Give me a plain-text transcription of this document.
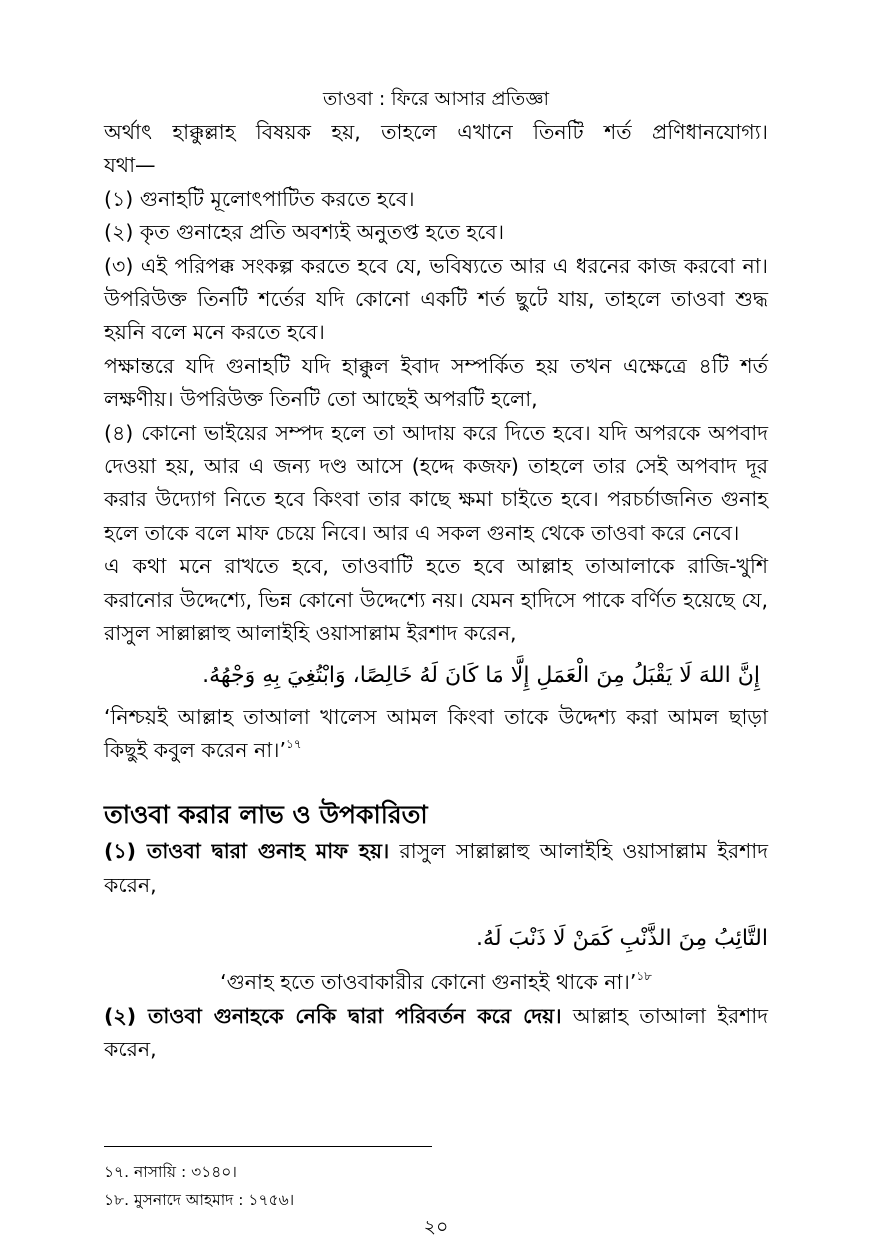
তাওবা : ফিরে আসার প্রতিজ্ঞা

অর্থাৎ হাক্কুল্লাহ বিষয়ক হয়, তাহলে এখানে তিনটি শর্ত প্রণিধানযোগ্য।

যথা—

(১) গুনাহটি মূলোৎপাটিত করতে হবে।

(২) কৃত গুনাহের প্রতি অবশ্যই অনুতপ্ত হতে হবে।

(৩) এই পরিপক্ক সংকল্প করতে হবে যে, ভবিষ্যতে আর এ ধরনের কাজ করবো না। উপরিউক্ত তিনটি শর্তের যদি কোনো একটি শর্ত ছুটে যায়, তাহলে তাওবা শুদ্ধ হয়নি বলে মনে করতে হবে।

পক্ষান্তরে যদি গুনাহটি যদি হাক্কুল ইবাদ সম্পর্কিত হয় তখন এক্ষেত্রে ৪টি শর্ত লক্ষণীয়। উপরিউক্ত তিনটি তো আছেই অপরটি হলো,

(৪) কোনো ভাইয়ের সম্পদ হলে তা আদায় করে দিতে হবে। যদি অপরকে অপবাদ দেওয়া হয়, আর এ জন্য দণ্ড আসে (হদ্দে কজফ) তাহলে তার সেই অপবাদ দূর করার উদ্যোগ নিতে হবে কিংবা তার কাছে ক্ষমা চাইতে হবে। পরচর্চাজনিত গুনাহ হলে তাকে বলে মাফ চেয়ে নিবে। আর এ সকল গুনাহ থেকে তাওবা করে নেবে।

এ কথা মনে রাখতে হবে, তাওবাটি হতে হবে আল্লাহ তাআলাকে রাজি-খুশি করানোর উদ্দেশ্যে, ভিন্ন কোনো উদ্দেশ্যে নয়। যেমন হাদিসে পাকে বর্ণিত হয়েছে যে, রাসুল সাল্লাল্লাহু আলাইহি ওয়াসাল্লাম ইরশাদ করেন,

إِنَّ اللهَ لَا يَقْبَلُ مِنَ الْعَمَلِ إِلَّا مَا كَانَ لَهُ خَالِصًا، وَابْتُغِيَ بِهِ وَجْهُهُ.

‘নিশ্চয়ই আল্লাহ তাআলা খালেস আমল কিংবা তাকে উদ্দেশ্য করা আমল ছাড়া কিছুই কবুল করেন না।’$^{১৭}$

তাওবা করার লাভ ও উপকারিতা

(১) তাওবা দ্বারা গুনাহ মাফ হয়। রাসুল সাল্লাল্লাহু আলাইহি ওয়াসাল্লাম ইরশাদ করেন,

التَّائِبُ مِنَ الذَّنْبِ كَمَنْ لَا ذَنْبَ لَهُ.

‘গুনাহ হতে তাওবাকারীর কোনো গুনাহই থাকে না।’$^{১৮}$

(২) তাওবা গুনাহকে নেকি দ্বারা পরিবর্তন করে দেয়। আল্লাহ তাআলা ইরশাদ করেন,

১৭. নাসায়ি : ৩১৪০।
১৮. মুসনাদে আহমাদ : ১৭৫৬।
২০
